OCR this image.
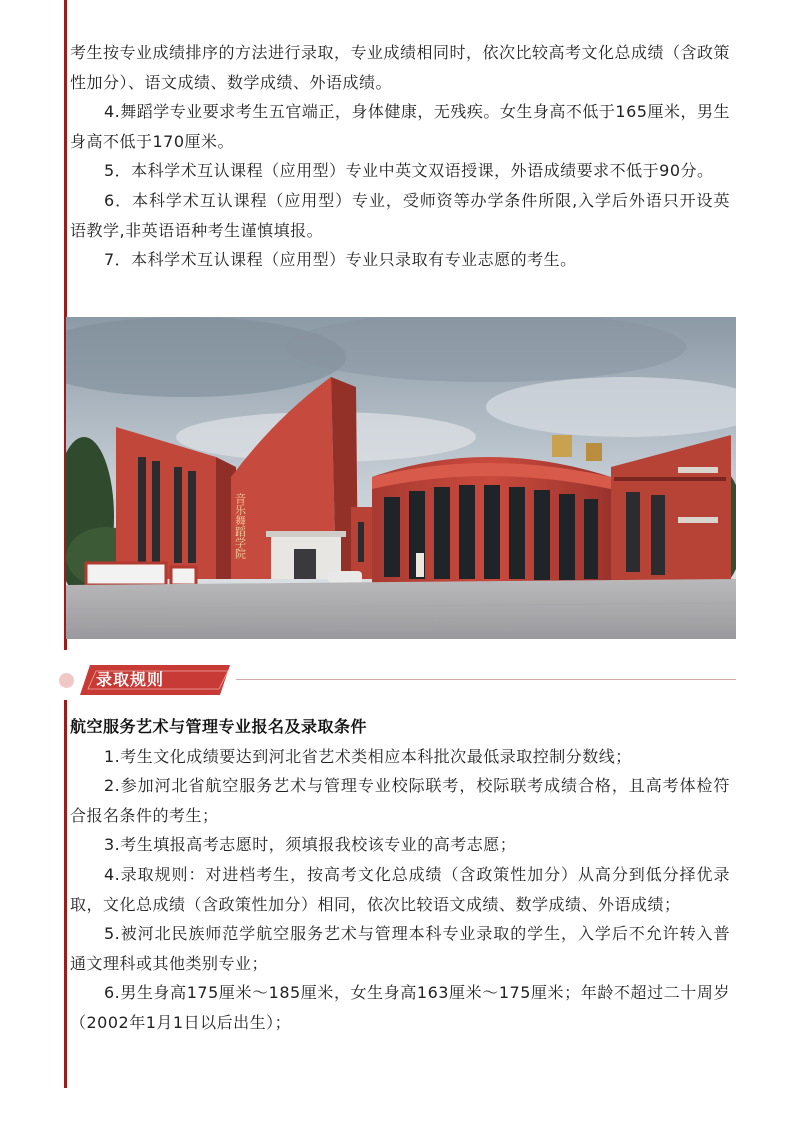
考生按专业成绩排序的方法进行录取，专业成绩相同时，依次比较高考文化总成绩（含政策性加分）、语文成绩、数学成绩、外语成绩。

4.舞蹈学专业要求考生五官端正，身体健康，无残疾。女生身高不低于165厘米，男生身高不低于170厘米。

5．本科学术互认课程（应用型）专业中英文双语授课，外语成绩要求不低于90分。

6．本科学术互认课程（应用型）专业，受师资等办学条件所限,入学后外语只开设英语教学,非英语语种考生谨慎填报。

7．本科学术互认课程（应用型）专业只录取有专业志愿的考生。

音乐舞蹈学院
录取规则

航空服务艺术与管理专业报名及录取条件

1.考生文化成绩要达到河北省艺术类相应本科批次最低录取控制分数线；

2.参加河北省航空服务艺术与管理专业校际联考，校际联考成绩合格，且高考体检符合报名条件的考生；

3.考生填报高考志愿时，须填报我校该专业的高考志愿；

4.录取规则：对进档考生，按高考文化总成绩（含政策性加分）从高分到低分择优录取，文化总成绩（含政策性加分）相同，依次比较语文成绩、数学成绩、外语成绩；

5.被河北民族师范学航空服务艺术与管理本科专业录取的学生，入学后不允许转入普通文理科或其他类别专业；

6.男生身高175厘米～185厘米，女生身高163厘米～175厘米；年龄不超过二十周岁（2002年1月1日以后出生）；
